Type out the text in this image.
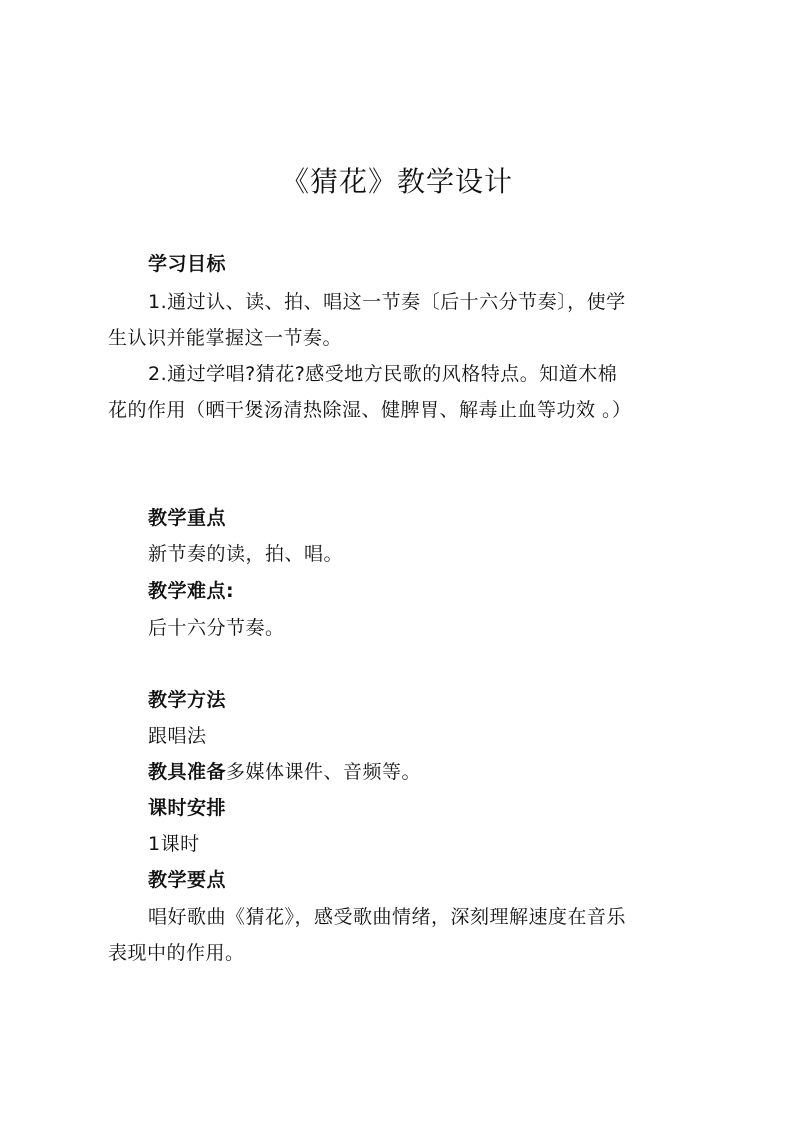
《猜花》教学设计
学习目标
1.通过认、读、拍、唱这一节奏〔后十六分节奏〕，使学
生认识并能掌握这一节奏。
2.通过学唱?猜花?感受地方民歌的风格特点。知道木棉
花的作用（晒干煲汤清热除湿、健脾胃、解毒止血等功效 。）
教学重点
新节奏的读，拍、唱。
教学难点:
后十六分节奏。
教学方法
跟唱法
教具准备多媒体课件、音频等。
课时安排
1课时
教学要点
唱好歌曲《猜花》，感受歌曲情绪，深刻理解速度在音乐
表现中的作用。
